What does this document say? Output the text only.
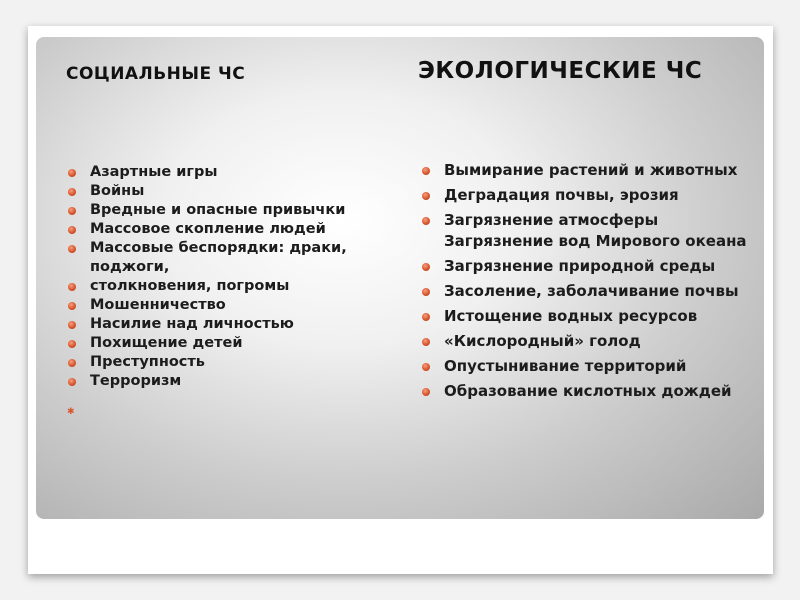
СОЦИАЛЬНЫЕ ЧС	ЭКОЛОГИЧЕСКИЕ ЧС
Азартные игры
Войны
Вредные и опасные привычки
Массовое скопление людей
Массовые беспорядки: драки, поджоги,
столкновения, погромы
Мошенничество
Насилие над личностью
Похищение детей
Преступность
Терроризм
Вымирание растений и животных
Деградация почвы, эрозия
Загрязнение атмосферы Загрязнение вод Мирового океана
Загрязнение природной среды
Засоление, заболачивание почвы
Истощение водных ресурсов
«Кислородный» голод
Опустынивание территорий
Образование кислотных дождей
✱
